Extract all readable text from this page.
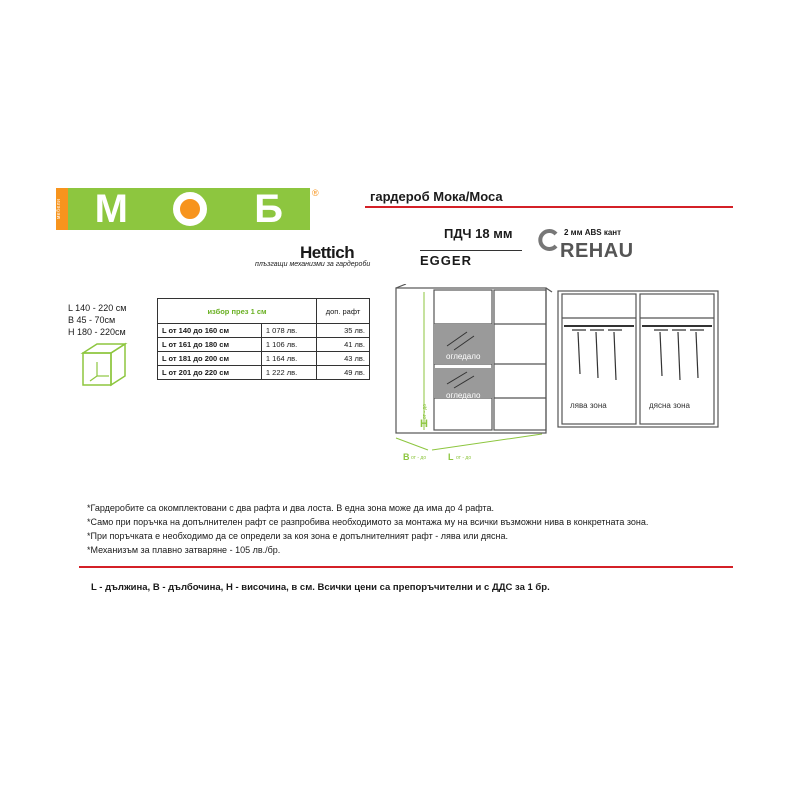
мебели М	Б	®	гардероб Мока/Моса
Hettich
плъзгащи механизми за гардероби
ПДЧ 18 мм
EGGER
2 мм ABS кант
REHAU
L 140 - 220 см
B 45 - 70см
H 180 - 220см
избор през 1 см		доп. рафт
L от 140 до 160 см	1 078 лв.	35 лв.
L от 161 до 180 см	1 106 лв.	41 лв.
L от 181 до 200 см	1 164 лв.	43 лв.
L от 201 до 220 см	1 222 лв.	49 лв.
огледало
огледало
H
от - до
B от - до L от - до
лява зона	дясна зона
*Гардеробите са окомплектовани с два рафта и два лоста. В една зона може да има до 4 рафта.
*Само при поръчка на допълнителен рафт се разпробива необходимото за монтажа му на всички възможни нива в конкретната зона.
*При поръчката е необходимо да се определи за коя зона е допълнителният рафт - лява или дясна.
*Механизъм за плавно затваряне - 105 лв./бр.
L - дължина, B - дълбочина, H - височина, в см. Всички цени са препоръчителни и с ДДС за 1 бр.
